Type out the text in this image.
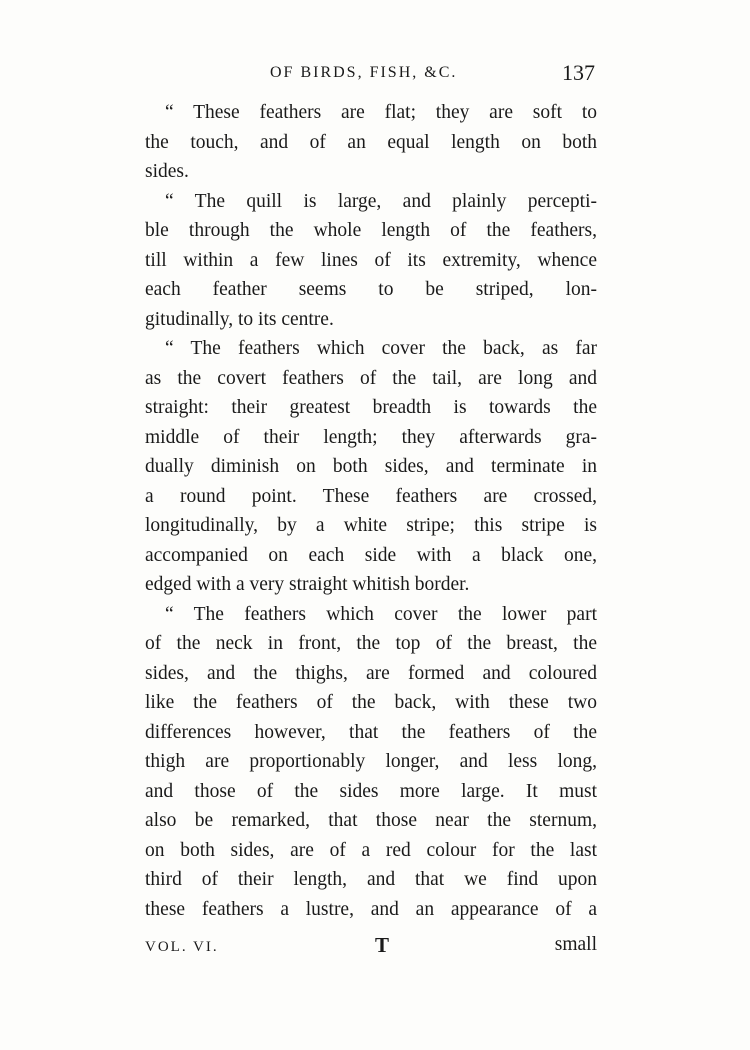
OF BIRDS, FISH, &C.	137
“ These feathers are flat; they are soft to
the touch, and of an equal length on both
sides.
“ The quill is large, and plainly percepti-
ble through the whole length of the feathers,
till within a few lines of its extremity, whence
each feather seems to be striped, lon-
gitudinally, to its centre.
“ The feathers which cover the back, as far
as the covert feathers of the tail, are long and
straight: their greatest breadth is towards the
middle of their length; they afterwards gra-
dually diminish on both sides, and terminate in
a round point. These feathers are crossed,
longitudinally, by a white stripe; this stripe is
accompanied on each side with a black one,
edged with a very straight whitish border.
“ The feathers which cover the lower part
of the neck in front, the top of the breast, the
sides, and the thighs, are formed and coloured
like the feathers of the back, with these two
differences however, that the feathers of the
thigh are proportionably longer, and less long,
and those of the sides more large. It must
also be remarked, that those near the sternum,
on both sides, are of a red colour for the last
third of their length, and that we find upon
these feathers a lustre, and an appearance of a
VOL. VI.	T	small
